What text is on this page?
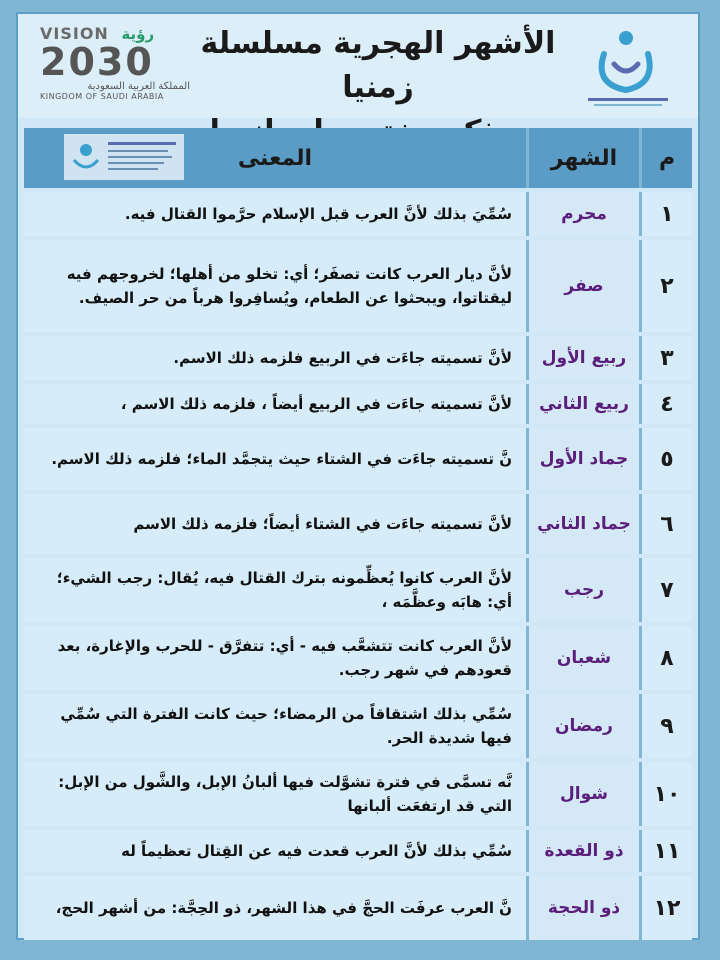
الأشهر الهجرية مسلسلة زمنيا
VISION رؤية
2030
المملكة العربية السعودية
KINGDOM OF SAUDI ARABIA
م	الشهر	المعنى

١	محرم	سُمِّيَ بذلك لأنَّ العرب قبل الإسلام حرَّموا القتال فيه.
٢	صفر	لأنَّ ديار العرب كانت تصفَر؛ أي: تخلو من أهلها؛ لخروجهم فيه ليقتاتوا، ويبحثوا عن الطعام، ويُسافِروا هرباً من حر الصيف.
٣	ربيع الأول	لأنَّ تسميته جاءَت في الربيع فلزمه ذلك الاسم.
٤	ربيع الثاني	لأنَّ تسميته جاءَت في الربيع أيضاً ، فلزمه ذلك الاسم ،
٥	جماد الأول	نَّ تسميته جاءَت في الشتاء حيث يتجمَّد الماء؛ فلزمه ذلك الاسم.
٦	جماد الثاني	لأنَّ تسميته جاءَت في الشتاء أيضاً؛ فلزمه ذلك الاسم
٧	رجب	لأنَّ العرب كانوا يُعظِّمونه بترك القتال فيه، يُقال: رجب الشيء؛ أي: هابَه وعظَّمَه ،
٨	شعبان	لأنَّ العرب كانت تتشعَّب فيه - أي: تتفرَّق - للحرب والإغارة، بعد قعودهم في شهر رجب.
٩	رمضان	سُمِّي بذلك اشتقاقاً من الرمضاء؛ حيث كانت الفترة التي سُمِّي فيها شديدة الحر.
١٠	شوال	نَّه تسمَّى في فترة تشوَّلت فيها ألبانُ الإبل، والشَّول من الإبل: التي قد ارتفعَت ألبانها
١١	ذو القعدة	سُمِّي بذلك لأنَّ العرب قعدت فيه عن القِتال تعظيماً له
١٢	ذو الحجة	نَّ العرب عرفَت الحجَّ في هذا الشهر، ذو الحِجَّة: من أشهر الحج،
